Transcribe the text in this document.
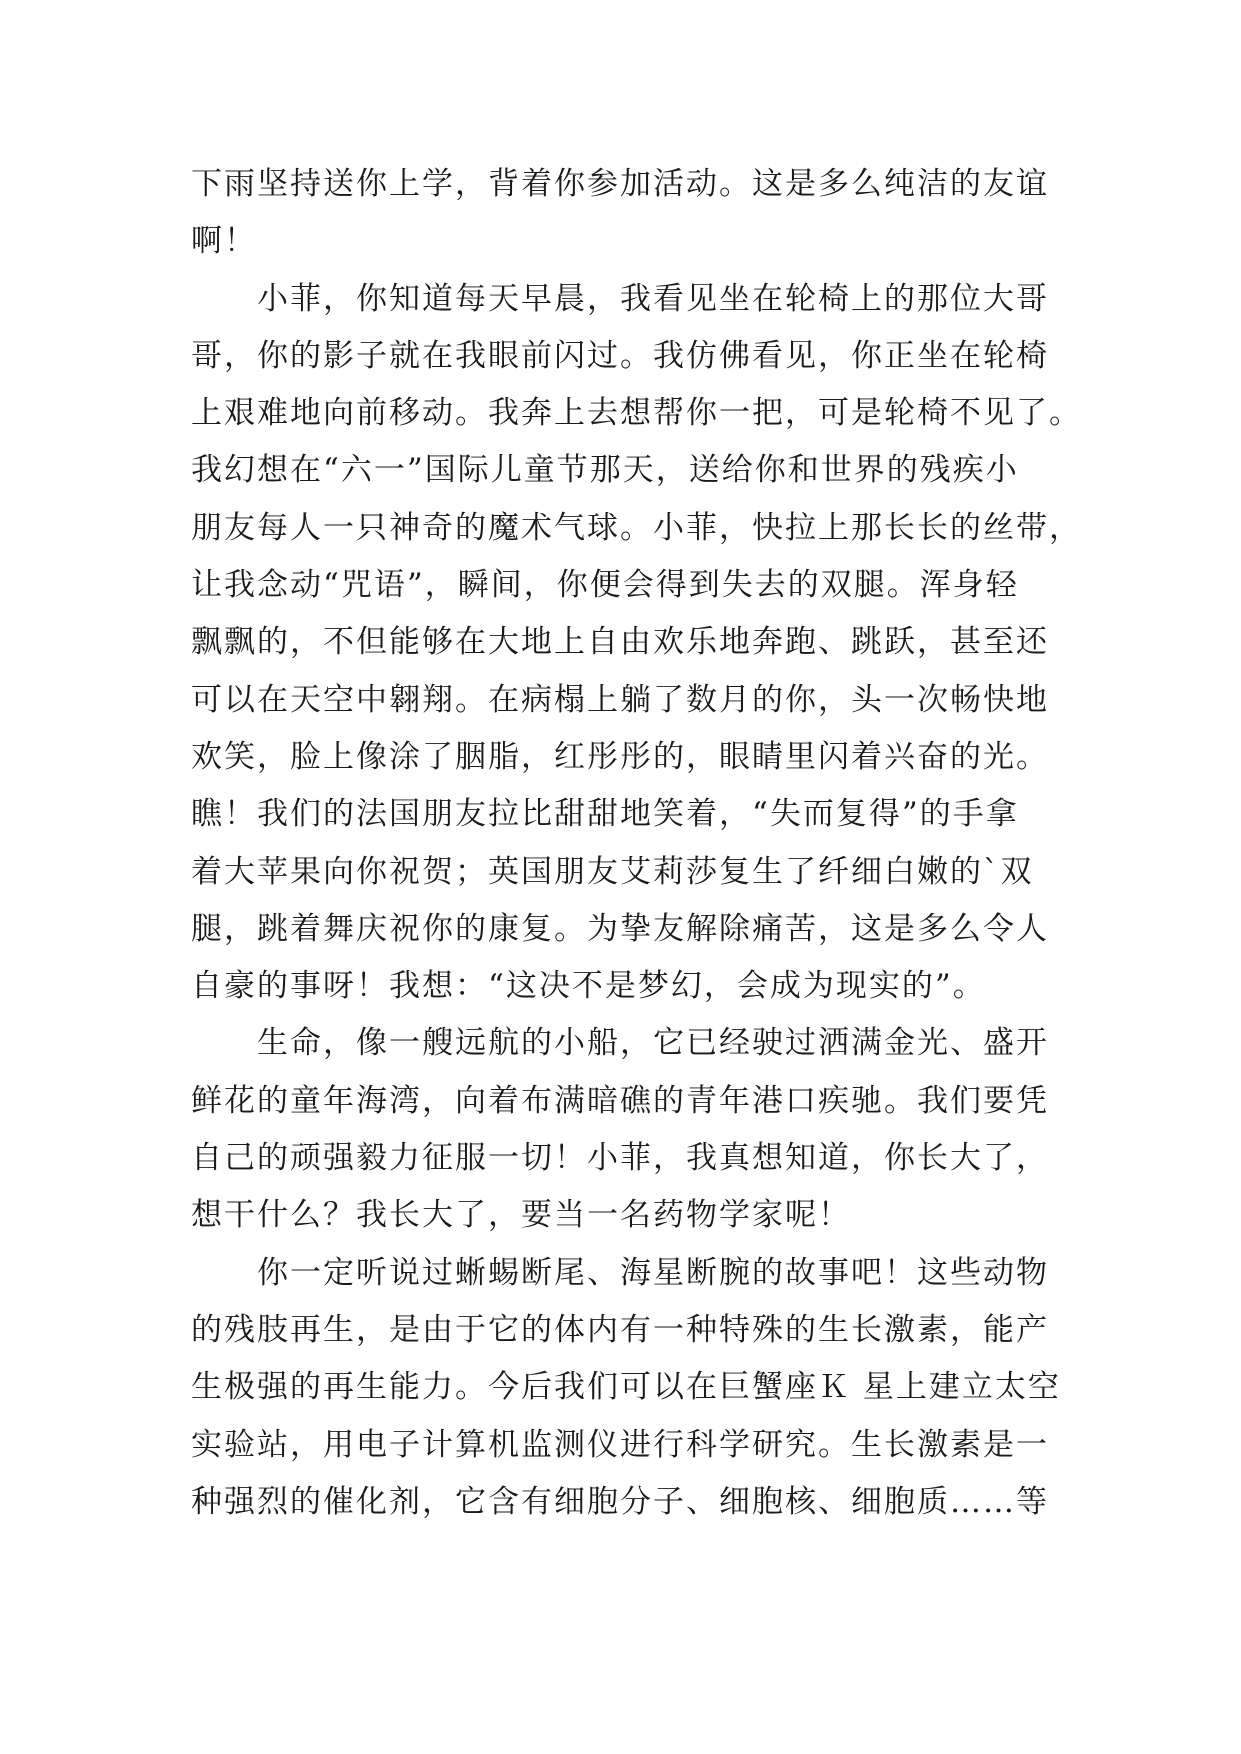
下雨坚持送你上学，背着你参加活动。这是多么纯洁的友谊
啊！
　　小菲，你知道每天早晨，我看见坐在轮椅上的那位大哥
哥，你的影子就在我眼前闪过。我仿佛看见，你正坐在轮椅
上艰难地向前移动。我奔上去想帮你一把，可是轮椅不见了。
我幻想在“六一”国际儿童节那天，送给你和世界的残疾小
朋友每人一只神奇的魔术气球。小菲，快拉上那长长的丝带，
让我念动“咒语”，瞬间，你便会得到失去的双腿。浑身轻
飘飘的，不但能够在大地上自由欢乐地奔跑、跳跃，甚至还
可以在天空中翱翔。在病榻上躺了数月的你，头一次畅快地
欢笑，脸上像涂了胭脂，红彤彤的，眼睛里闪着兴奋的光。
瞧！我们的法国朋友拉比甜甜地笑着，“失而复得”的手拿
着大苹果向你祝贺；英国朋友艾莉莎复生了纤细白嫩的`双
腿，跳着舞庆祝你的康复。为挚友解除痛苦，这是多么令人
自豪的事呀！我想：“这决不是梦幻，会成为现实的”。
　　生命，像一艘远航的小船，它已经驶过洒满金光、盛开
鲜花的童年海湾，向着布满暗礁的青年港口疾驰。我们要凭
自己的顽强毅力征服一切！小菲，我真想知道，你长大了，
想干什么？我长大了，要当一名药物学家呢！
　　你一定听说过蜥蜴断尾、海星断腕的故事吧！这些动物
的残肢再生，是由于它的体内有一种特殊的生长激素，能产
生极强的再生能力。今后我们可以在巨蟹座Ｋ 星上建立太空
实验站，用电子计算机监测仪进行科学研究。生长激素是一
种强烈的催化剂，它含有细胞分子、细胞核、细胞质……等
